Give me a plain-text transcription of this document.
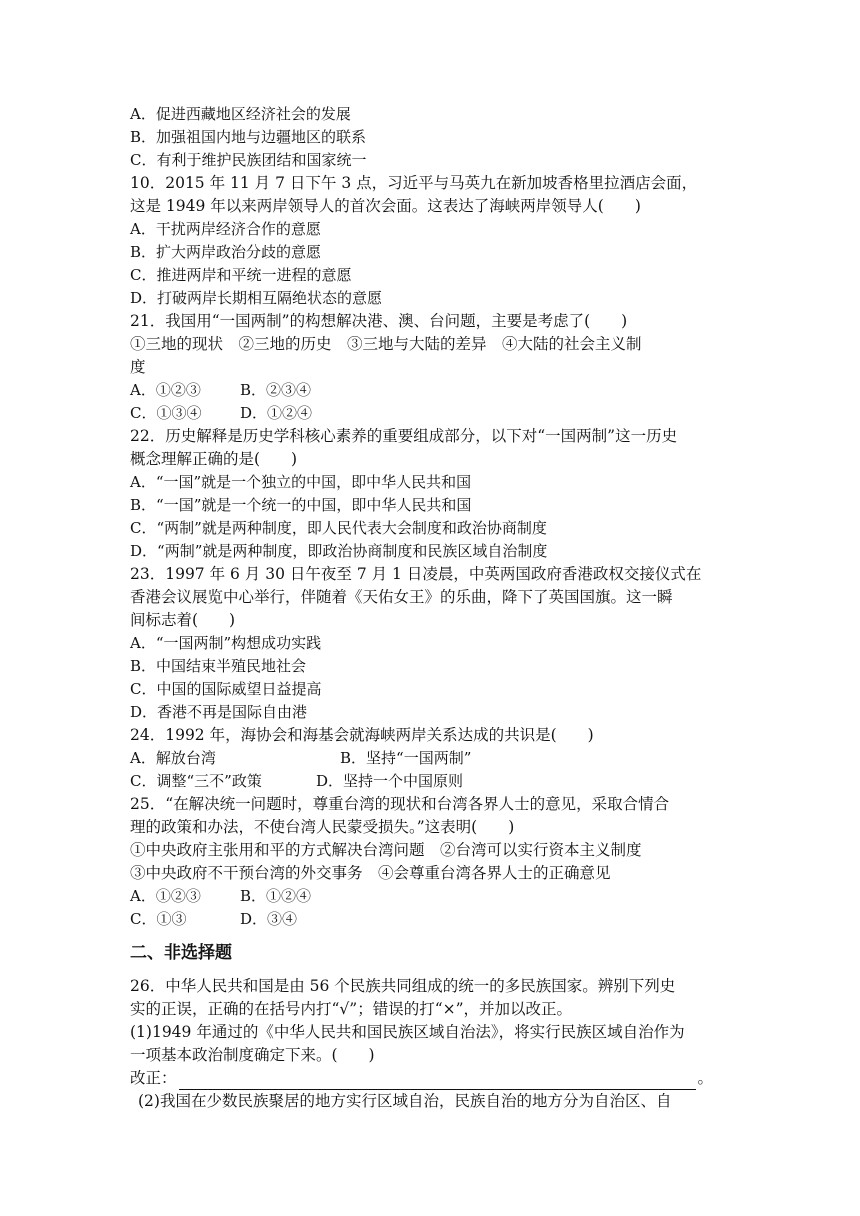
A．促进西藏地区经济社会的发展
B．加强祖国内地与边疆地区的联系
C．有利于维护民族团结和国家统一
10．2015 年 11 月 7 日下午 3 点，习近平与马英九在新加坡香格里拉酒店会面，
这是 1949 年以来两岸领导人的首次会面。这表达了海峡两岸领导人(　　)
A．干扰两岸经济合作的意愿
B．扩大两岸政治分歧的意愿
C．推进两岸和平统一进程的意愿
D．打破两岸长期相互隔绝状态的意愿
21．我国用“一国两制”的构想解决港、澳、台问题，主要是考虑了(　　)
①三地的现状　②三地的历史　③三地与大陆的差异　④大陆的社会主义制
度
A．①②③	B．②③④
C．①③④	D．①②④
22．历史解释是历史学科核心素养的重要组成部分，以下对“一国两制”这一历史
概念理解正确的是(　　)
A．“一国”就是一个独立的中国，即中华人民共和国
B．“一国”就是一个统一的中国，即中华人民共和国
C．“两制”就是两种制度，即人民代表大会制度和政治协商制度
D．“两制”就是两种制度，即政治协商制度和民族区域自治制度
23．1997 年 6 月 30 日午夜至 7 月 1 日凌晨，中英两国政府香港政权交接仪式在
香港会议展览中心举行，伴随着《天佑女王》的乐曲，降下了英国国旗。这一瞬
间标志着(　　)
A．“一国两制”构想成功实践
B．中国结束半殖民地社会
C．中国的国际威望日益提高
D．香港不再是国际自由港
24．1992 年，海协会和海基会就海峡两岸关系达成的共识是(　　)
A．解放台湾	B．坚持“一国两制”
C．调整“三不”政策	D．坚持一个中国原则
25．“在解决统一问题时，尊重台湾的现状和台湾各界人士的意见，采取合情合
理的政策和办法，不使台湾人民蒙受损失。”这表明(　　)
①中央政府主张用和平的方式解决台湾问题　②台湾可以实行资本主义制度
③中央政府不干预台湾的外交事务　④会尊重台湾各界人士的正确意见
A．①②③	B．①②④
C．①③	D．③④
二、非选择题
26．中华人民共和国是由 56 个民族共同组成的统一的多民族国家。辨别下列史
实的正误，正确的在括号内打“√”；错误的打“×”，并加以改正。
(1)1949 年通过的《中华人民共和国民族区域自治法》，将实行民族区域自治作为
一项基本政治制度确定下来。(　　)
改正：	。
(2)我国在少数民族聚居的地方实行区域自治，民族自治的地方分为自治区、自
